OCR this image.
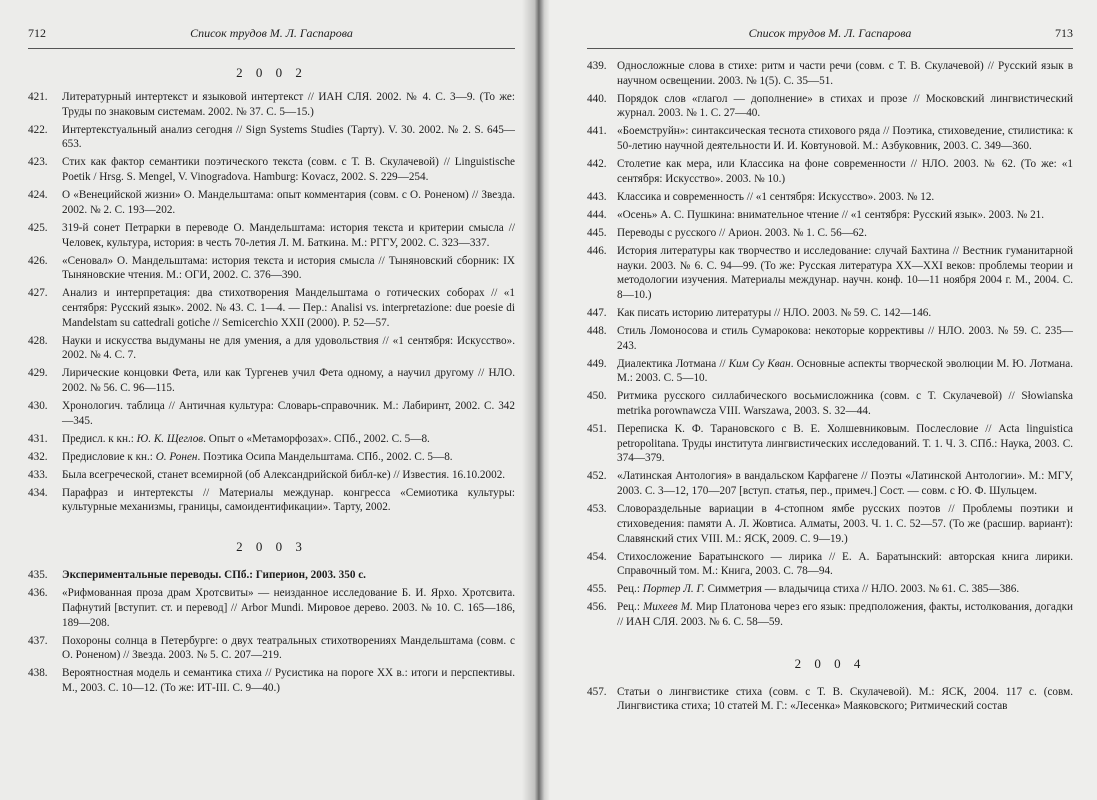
712	Список трудов М. Л. Гаспарова
2 0 0 2
421. Литературный интертекст и языковой интертекст // ИАН СЛЯ. 2002. № 4. С. 3—9. (То же: Труды по знаковым системам. 2002. № 37. С. 5—15.)
422. Интертекстуальный анализ сегодня // Sign Systems Studies (Тарту). V. 30. 2002. № 2. S. 645—653.
423. Стих как фактор семантики поэтического текста (совм. с Т. В. Скулачевой) // Linguistische Poetik / Hrsg. S. Mengel, V. Vinogradova. Hamburg: Kovacz, 2002. S. 229—254.
424. О «Венецийской жизни» О. Мандельштама: опыт комментария (совм. с О. Роненом) // Звезда. 2002. № 2. С. 193—202.
425. 319-й сонет Петрарки в переводе О. Мандельштама: история текста и критерии смысла // Человек, культура, история: в честь 70-летия Л. М. Баткина. М.: РГГУ, 2002. С. 323—337.
426. «Сеновал» О. Мандельштама: история текста и история смысла // Тыняновский сборник: IX Тыняновские чтения. М.: ОГИ, 2002. С. 376—390.
427. Анализ и интерпретация: два стихотворения Мандельштама о готических соборах // «1 сентября: Русский язык». 2002. № 43. С. 1—4. — Пер.: Analisi vs. interpretazione: due poesie di Mandelstam su cattedrali gotiche // Semicerchio XXII (2000). P. 52—57.
428. Науки и искусства выдуманы не для умения, а для удовольствия // «1 сентября: Искусство». 2002. № 4. С. 7.
429. Лирические концовки Фета, или как Тургенев учил Фета одному, а научил другому // НЛО. 2002. № 56. С. 96—115.
430. Хронологич. таблица // Античная культура: Словарь-справочник. М.: Лабиринт, 2002. С. 342—345.
431. Предисл. к кн.: Ю. К. Щеглов. Опыт о «Метаморфозах». СПб., 2002. С. 5—8.
432. Предисловие к кн.: О. Ронен. Поэтика Осипа Мандельштама. СПб., 2002. С. 5—8.
433. Была всегреческой, станет всемирной (об Александрийской библ-ке) // Известия. 16.10.2002.
434. Парафраз и интертексты // Материалы междунар. конгресса «Семиотика культуры: культурные механизмы, границы, самоидентификации». Тарту, 2002.
2 0 0 3
435. Экспериментальные переводы. СПб.: Гиперион, 2003. 350 с.
436. «Рифмованная проза драм Хротсвиты» — неизданное исследование Б. И. Ярхо. Хротсвита. Пафнутий [вступит. ст. и перевод] // Arbor Mundi. Мировое дерево. 2003. № 10. С. 165—186, 189—208.
437. Похороны солнца в Петербурге: о двух театральных стихотворениях Мандельштама (совм. с О. Роненом) // Звезда. 2003. № 5. С. 207—219.
438. Вероятностная модель и семантика стиха // Русистика на пороге XX в.: итоги и перспективы. М., 2003. С. 10—12. (То же: ИТ-III. С. 9—40.)
Список трудов М. Л. Гаспарова	713
439. Односложные слова в стихе: ритм и части речи (совм. с Т. В. Скулачевой) // Русский язык в научном освещении. 2003. № 1(5). С. 35—51.
440. Порядок слов «глагол — дополнение» в стихах и прозе // Московский лингвистический журнал. 2003. № 1. С. 27—40.
441. «Боемструйн»: синтаксическая теснота стихового ряда // Поэтика, стиховедение, стилистика: к 50-летию научной деятельности И. И. Ковтуновой. М.: Азбуковник, 2003. С. 349—360.
442. Столетие как мера, или Классика на фоне современности // НЛО. 2003. № 62. (То же: «1 сентября: Искусство». 2003. № 10.)
443. Классика и современность // «1 сентября: Искусство». 2003. № 12.
444. «Осень» А. С. Пушкина: внимательное чтение // «1 сентября: Русский язык». 2003. № 21.
445. Переводы с русского // Арион. 2003. № 1. С. 56—62.
446. История литературы как творчество и исследование: случай Бахтина // Вестник гуманитарной науки. 2003. № 6. С. 94—99. (То же: Русская литература XX—XXI веков: проблемы теории и методологии изучения. Материалы междунар. научн. конф. 10—11 ноября 2004 г. М., 2004. С. 8—10.)
447. Как писать историю литературы // НЛО. 2003. № 59. С. 142—146.
448. Стиль Ломоносова и стиль Сумарокова: некоторые коррективы // НЛО. 2003. № 59. С. 235—243.
449. Диалектика Лотмана // Ким Су Кван. Основные аспекты творческой эволюции М. Ю. Лотмана. М.: 2003. С. 5—10.
450. Ритмика русского силлабического восьмисложника (совм. с Т. Скулачевой) // Słowianska metrika porownawcza VIII. Warszawa, 2003. S. 32—44.
451. Переписка К. Ф. Тарановского с В. Е. Холшевниковым. Послесловие // Acta linguistica petropolitana. Труды института лингвистических исследований. Т. 1. Ч. 3. СПб.: Наука, 2003. С. 374—379.
452. «Латинская Антология» в вандальском Карфагене // Поэты «Латинской Антологии». М.: МГУ, 2003. С. 3—12, 170—207 [вступ. статья, пер., примеч.] Сост. — совм. с Ю. Ф. Шульцем.
453. Словораздельные вариации в 4-стопном ямбе русских поэтов // Проблемы поэтики и стиховедения: памяти А. Л. Жовтиса. Алматы, 2003. Ч. 1. С. 52—57. (То же (расшир. вариант): Славянский стих VIII. М.: ЯСК, 2009. С. 9—19.)
454. Стихосложение Баратынского — лирика // Е. А. Баратынский: авторская книга лирики. Справочный том. М.: Книга, 2003. С. 78—94.
455. Рец.: Портер Л. Г. Симметрия — владычица стиха // НЛО. 2003. № 61. С. 385—386.
456. Рец.: Михеев М. Мир Платонова через его язык: предположения, факты, истолкования, догадки // ИАН СЛЯ. 2003. № 6. С. 58—59.
2 0 0 4
457. Статьи о лингвистике стиха (совм. с Т. В. Скулачевой). М.: ЯСК, 2004. 117 с. (совм. Лингвистика стиха; 10 статей М. Г.: «Лесенка» Маяковского; Ритмический состав
